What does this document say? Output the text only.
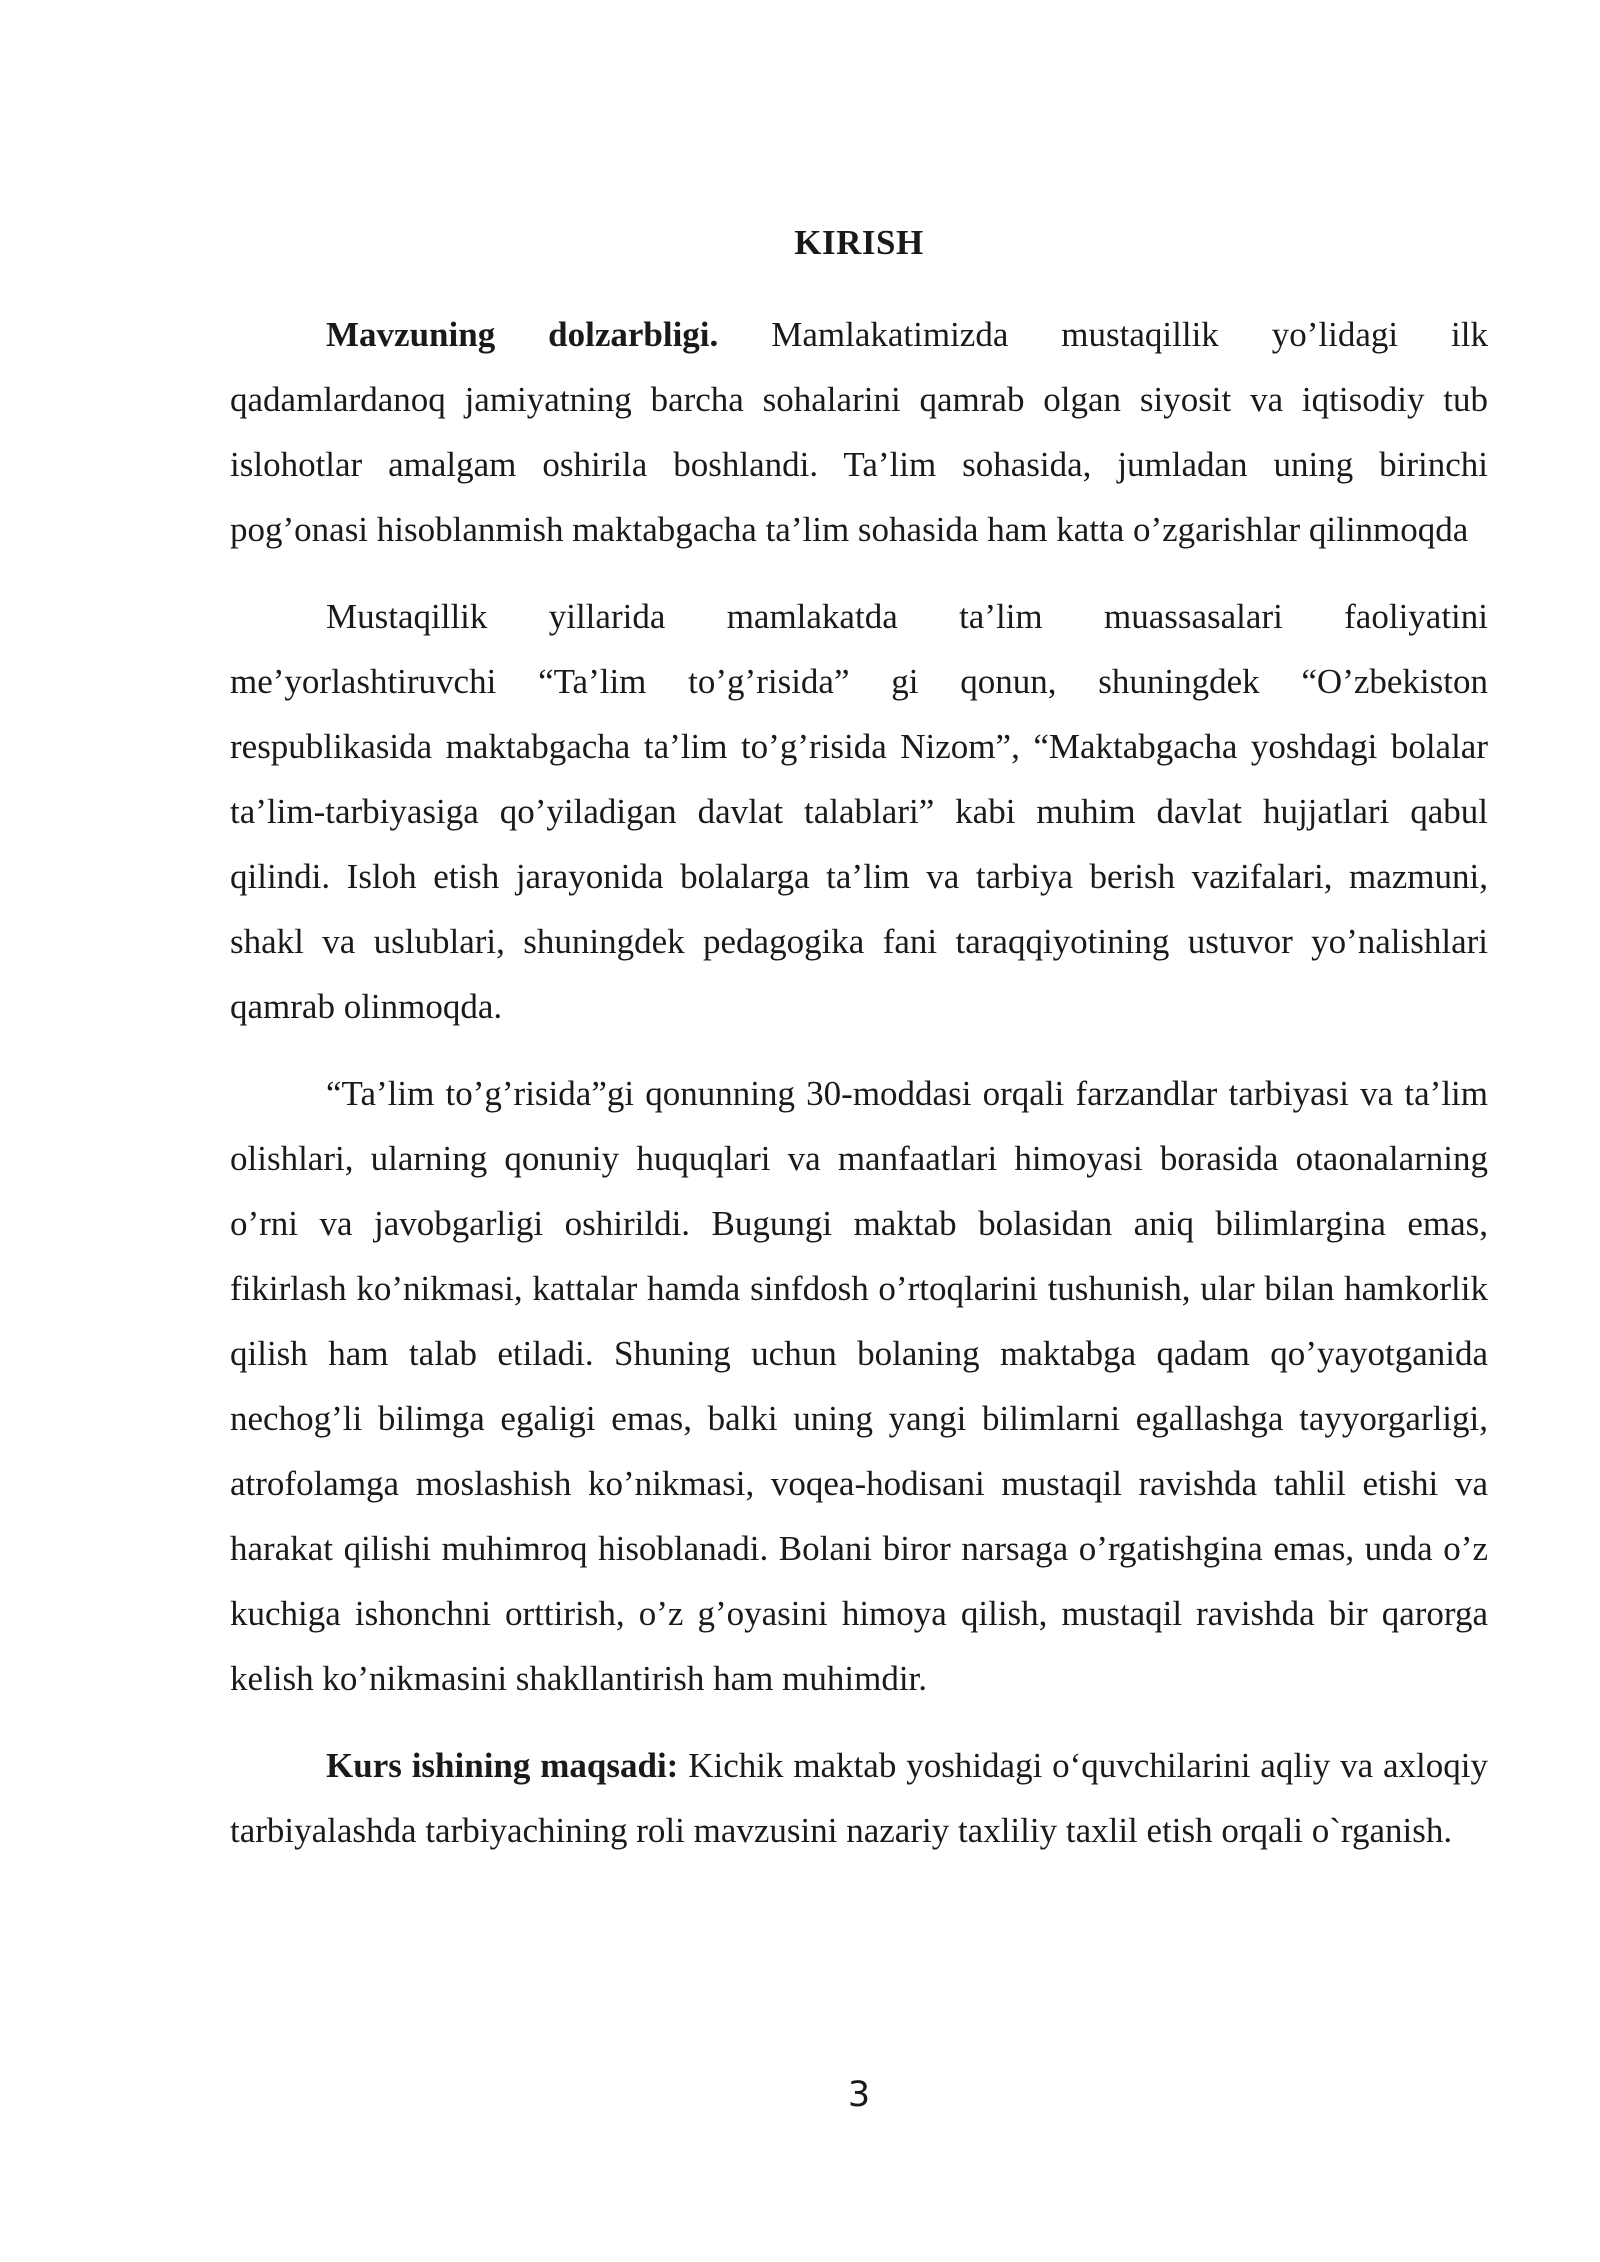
KIRISH

Mavzuning dolzarbligi. Mamlakatimizda mustaqillik yo’lidagi ilk qadamlardanoq jamiyatning barcha sohalarini qamrab olgan siyosit va iqtisodiy tub islohotlar amalgam oshirila boshlandi. Ta’lim sohasida, jumladan uning birinchi pog’onasi hisoblanmish maktabgacha ta’lim sohasida ham katta o’zgarishlar qilinmoqda

Mustaqillik yillarida mamlakatda ta’lim muassasalari faoliyatini me’yorlashtiruvchi “Ta’lim to’g’risida” gi qonun, shuningdek “O’zbekiston respublikasida maktabgacha ta’lim to’g’risida Nizom”, “Maktabgacha yoshdagi bolalar ta’lim-tarbiyasiga qo’yiladigan davlat talablari” kabi muhim davlat hujjatlari qabul qilindi. Isloh etish jarayonida bolalarga ta’lim va tarbiya berish vazifalari, mazmuni, shakl va uslublari, shuningdek pedagogika fani taraqqiyotining ustuvor yo’nalishlari qamrab olinmoqda.

“Ta’lim to’g’risida”gi qonunning 30-moddasi orqali farzandlar tarbiyasi va ta’lim olishlari, ularning qonuniy huquqlari va manfaatlari himoyasi borasida otaonalarning o’rni va javobgarligi oshirildi. Bugungi maktab bolasidan aniq bilimlargina emas, fikirlash ko’nikmasi, kattalar hamda sinfdosh o’rtoqlarini tushunish, ular bilan hamkorlik qilish ham talab etiladi. Shuning uchun bolaning maktabga qadam qo’yayotganida nechog’li bilimga egaligi emas, balki uning yangi bilimlarni egallashga tayyorgarligi, atrofolamga moslashish ko’nikmasi, voqea-hodisani mustaqil ravishda tahlil etishi va harakat qilishi muhimroq hisoblanadi. Bolani biror narsaga o’rgatishgina emas, unda o’z kuchiga ishonchni orttirish, o’z g’oyasini himoya qilish, mustaqil ravishda bir qarorga kelish ko’nikmasini shakllantirish ham muhimdir.

Kurs ishining maqsadi: Kichik maktab yoshidagi o‘quvchilarini aqliy va axloqiy tarbiyalashda tarbiyachining roli mavzusini nazariy taxliliy taxlil etish orqali o`rganish.

3
